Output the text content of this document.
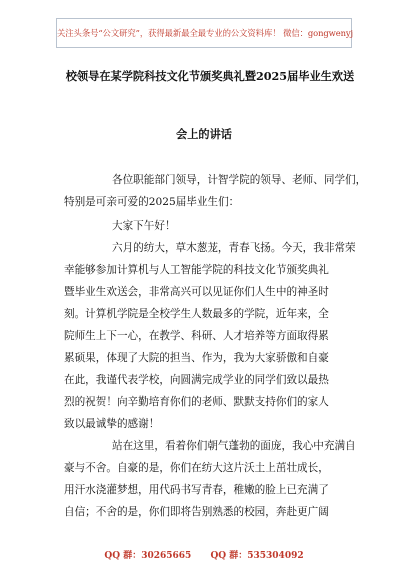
关注头条号“公文研究”，获得最新最全最专业的公文资料库！ 微信：gongwenyj
校领导在某学院科技文化节颁奖典礼暨2025届毕业生欢送
会上的讲话
各位职能部门领导，计智学院的领导、老师、同学们，
特别是可亲可爱的2025届毕业生们：
大家下午好！
六月的纺大，草木葱茏，青春飞扬。今天，我非常荣
幸能够参加计算机与人工智能学院的科技文化节颁奖典礼
暨毕业生欢送会，非常高兴可以见证你们人生中的神圣时
刻。计算机学院是全校学生人数最多的学院，近年来，全
院师生上下一心，在教学、科研、人才培养等方面取得累
累硕果，体现了大院的担当、作为，我为大家骄傲和自豪
在此，我谨代表学校，向圆满完成学业的同学们致以最热
烈的祝贺！向辛勤培育你们的老师、默默支持你们的家人
致以最诚挚的感谢！
站在这里，看着你们朝气蓬勃的面庞，我心中充满自
豪与不舍。自豪的是，你们在纺大这片沃土上茁壮成长，
用汗水浇灌梦想，用代码书写青春，稚嫩的脸上已充满了
自信；不舍的是，你们即将告别熟悉的校园，奔赴更广阔
QQ 群：30265665 QQ 群：535304092
